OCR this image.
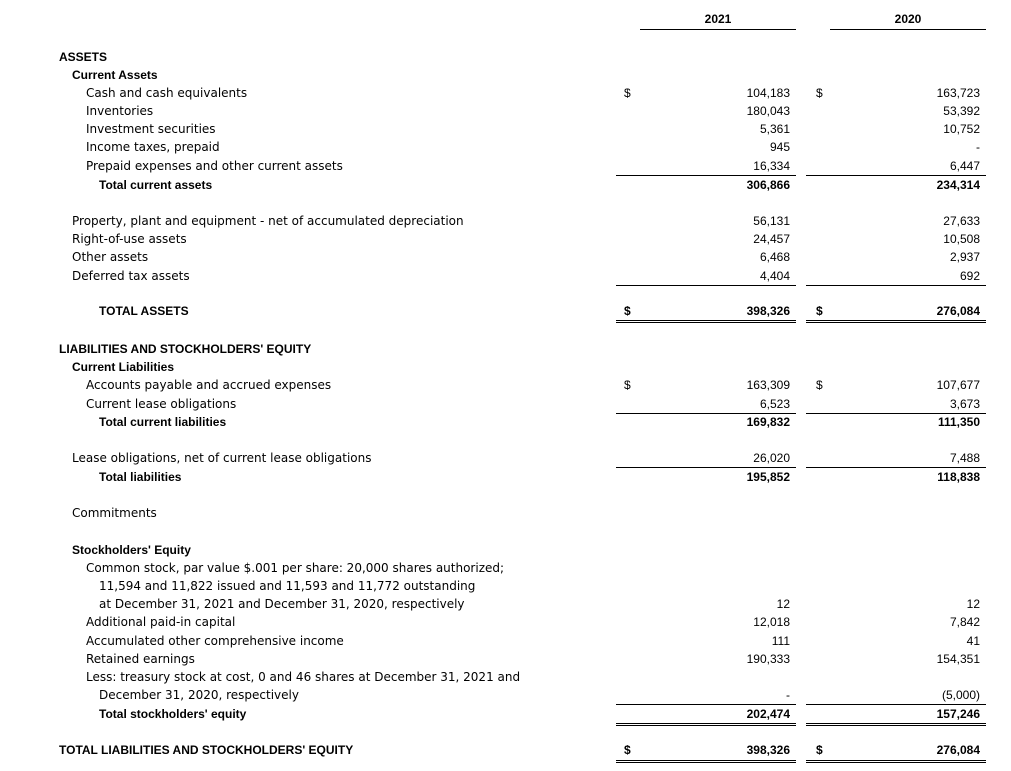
2021	2020
ASSETS
Current Assets
Cash and cash equivalents	$	104,183 $	163,723
Inventories	180,043	53,392
Investment securities	5,361	10,752
Income taxes, prepaid	945	-
Prepaid expenses and other current assets	16,334	6,447
Total current assets	306,866	234,314
Property, plant and equipment - net of accumulated depreciation	56,131	27,633
Right-of-use assets	24,457	10,508
Other assets	6,468	2,937
Deferred tax assets	4,404	692
TOTAL ASSETS	$	398,326 $	276,084
LIABILITIES AND STOCKHOLDERS' EQUITY
Current Liabilities
Accounts payable and accrued expenses	$	163,309 $	107,677
Current lease obligations	6,523	3,673
Total current liabilities	169,832	111,350
Lease obligations, net of current lease obligations	26,020	7,488
Total liabilities	195,852	118,838
Commitments
Stockholders' Equity
Common stock, par value $.001 per share: 20,000 shares authorized;
11,594 and 11,822 issued and 11,593 and 11,772 outstanding
at December 31, 2021 and December 31, 2020, respectively	12	12
Additional paid-in capital	12,018	7,842
Accumulated other comprehensive income	111	41
Retained earnings	190,333	154,351
Less: treasury stock at cost, 0 and 46 shares at December 31, 2021 and
December 31, 2020, respectively	-	(5,000)
Total stockholders' equity	202,474	157,246
TOTAL LIABILITIES AND STOCKHOLDERS' EQUITY	$	398,326 $	276,084
